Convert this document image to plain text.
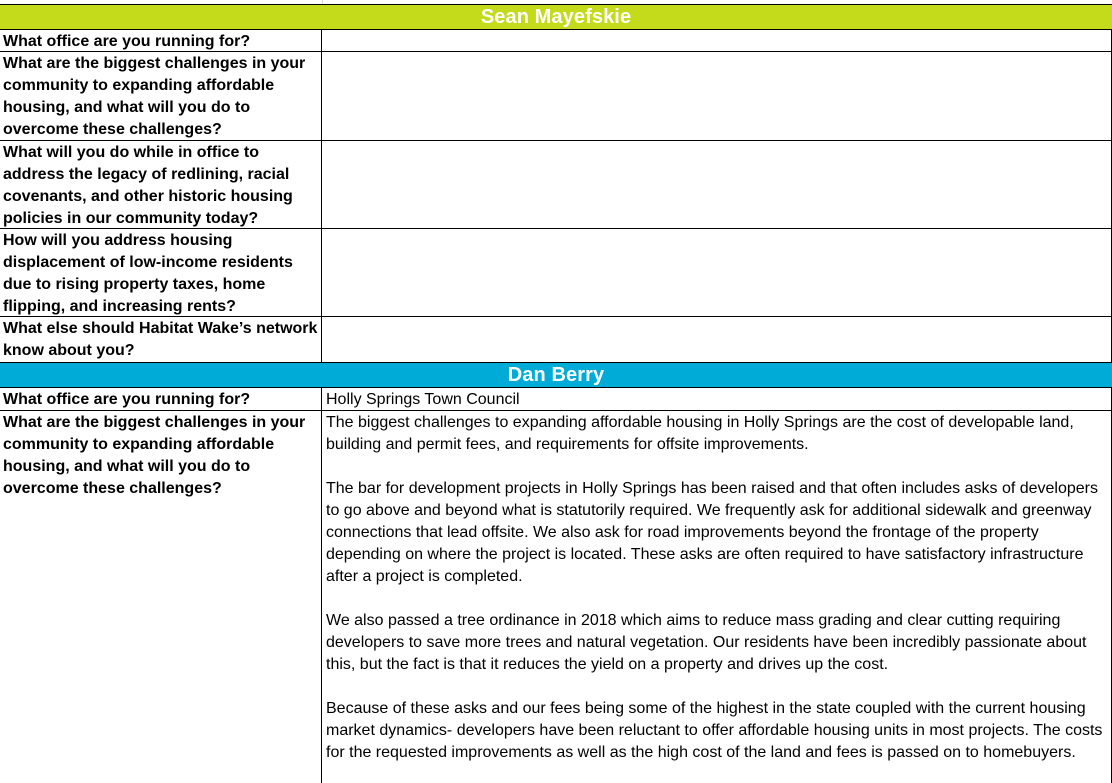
Sean Mayefskie
What office are you running for?
What are the biggest challenges in your community to expanding affordable housing, and what will you do to overcome these challenges?
What will you do while in office to address the legacy of redlining, racial covenants, and other historic housing policies in our community today?
How will you address housing displacement of low-income residents due to rising property taxes, home flipping, and increasing rents?
What else should Habitat Wake’s network know about you?
Dan Berry
What office are you running for?	Holly Springs Town Council
What are the biggest challenges in your community to expanding affordable housing, and what will you do to overcome these challenges?

The biggest challenges to expanding affordable housing in Holly Springs are the cost of developable land, building and permit fees, and requirements for offsite improvements.

The bar for development projects in Holly Springs has been raised and that often includes asks of developers to go above and beyond what is statutorily required. We frequently ask for additional sidewalk and greenway connections that lead offsite. We also ask for road improvements beyond the frontage of the property depending on where the project is located. These asks are often required to have satisfactory infrastructure after a project is completed.

We also passed a tree ordinance in 2018 which aims to reduce mass grading and clear cutting requiring developers to save more trees and natural vegetation. Our residents have been incredibly passionate about this, but the fact is that it reduces the yield on a property and drives up the cost.

Because of these asks and our fees being some of the highest in the state coupled with the current housing market dynamics- developers have been reluctant to offer affordable housing units in most projects. The costs for the requested improvements as well as the high cost of the land and fees is passed on to homebuyers.
